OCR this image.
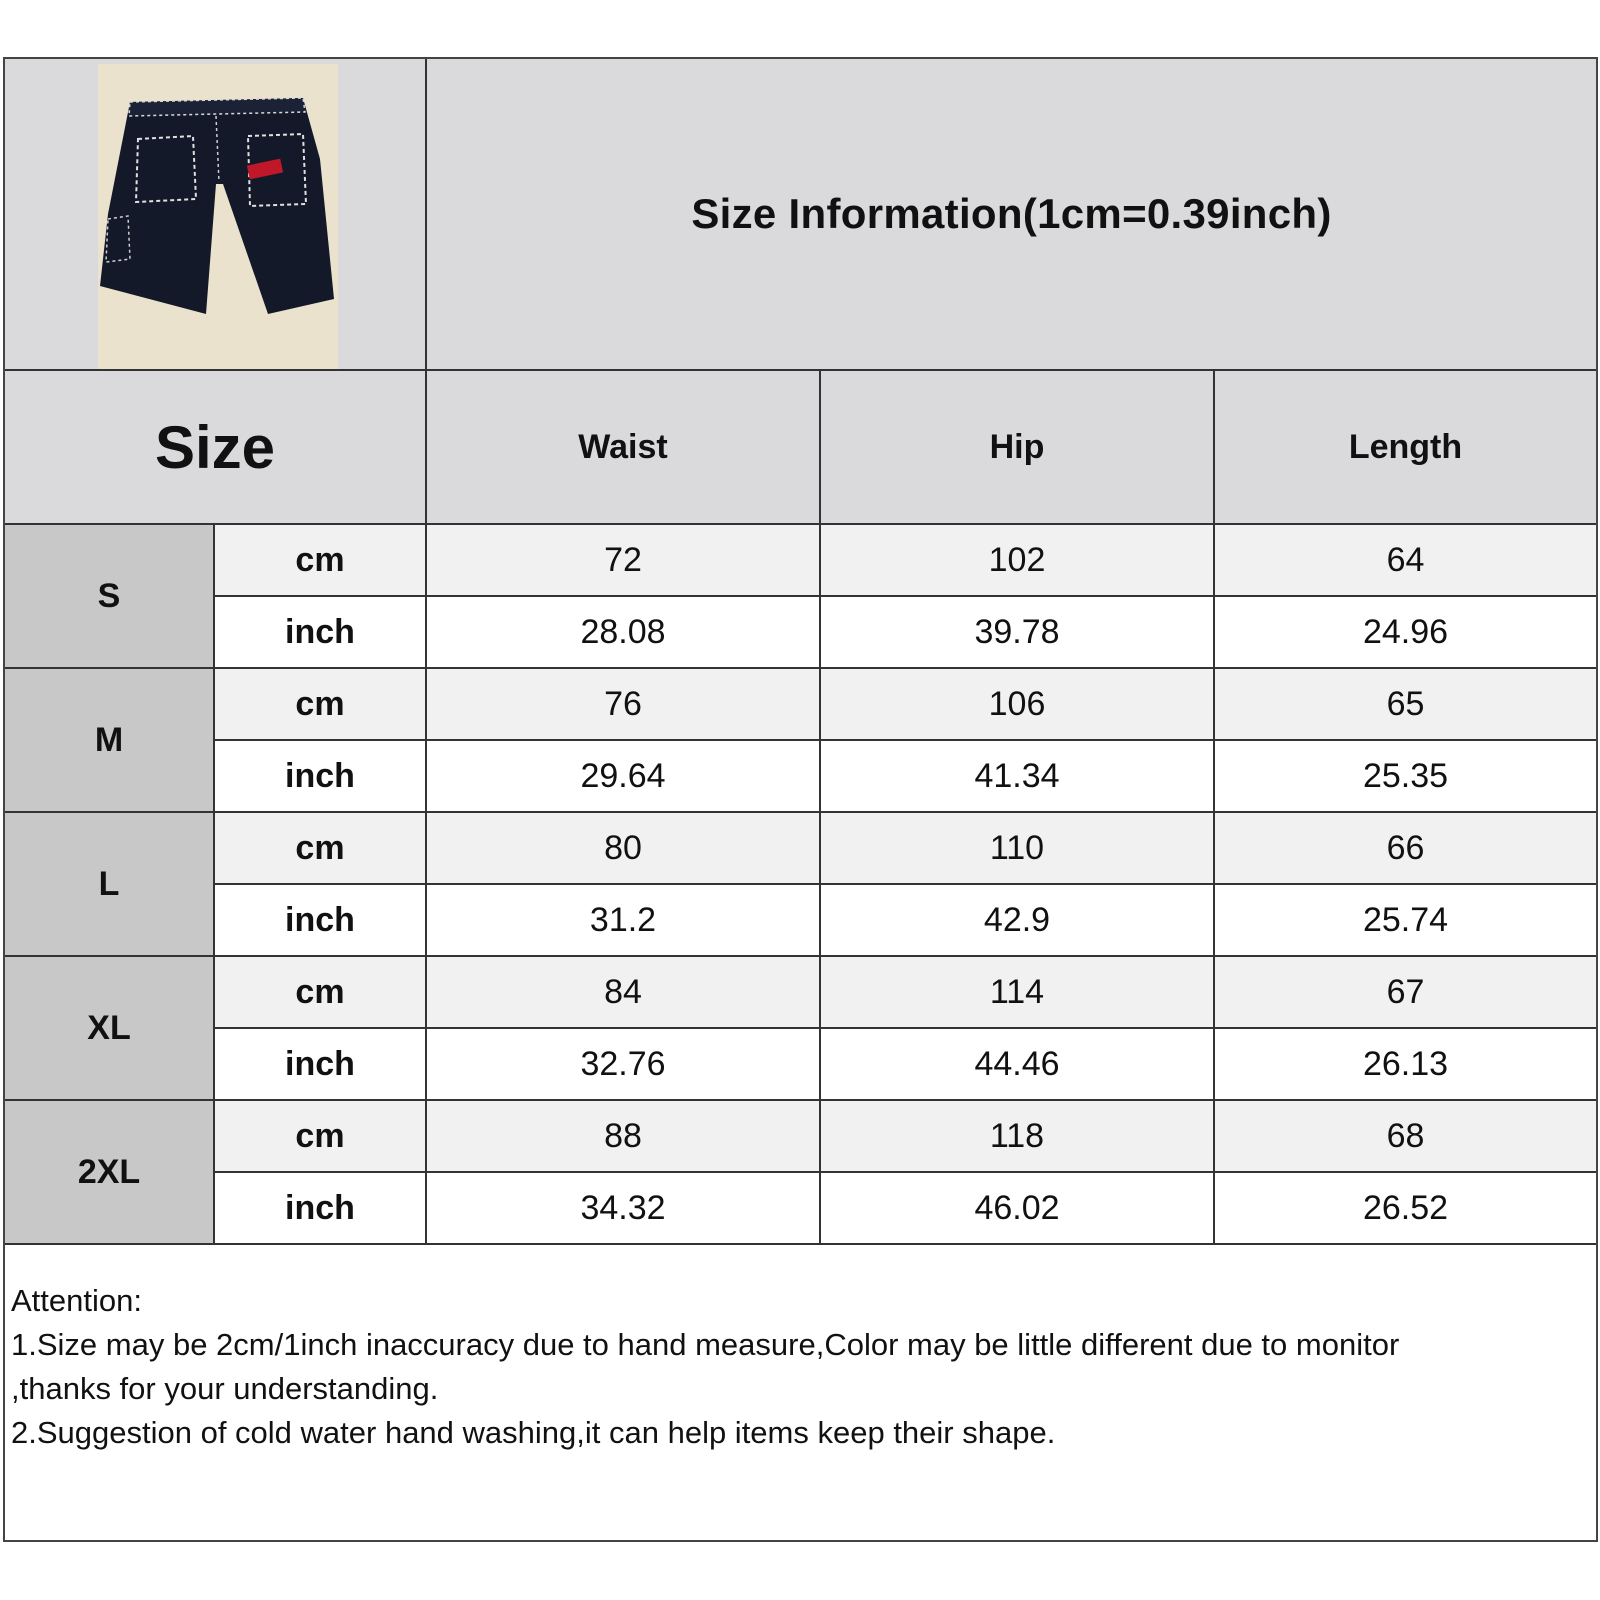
Size Information(1cm=0.39inch)
Size	Waist	Hip	Length
S
cm	72	102	64
inch	28.08	39.78	24.96
M
cm	76	106	65
inch	29.64	41.34	25.35
L
cm	80	110	66
inch	31.2	42.9	25.74
XL
cm	84	114	67
inch	32.76	44.46	26.13
2XL
cm	88	118	68
inch	34.32	46.02	26.52
Attention:
1.Size may be 2cm/1inch inaccuracy due to hand measure,Color may be little different due to monitor
,thanks for your understanding.
2.Suggestion of cold water hand washing,it can help items keep their shape.
